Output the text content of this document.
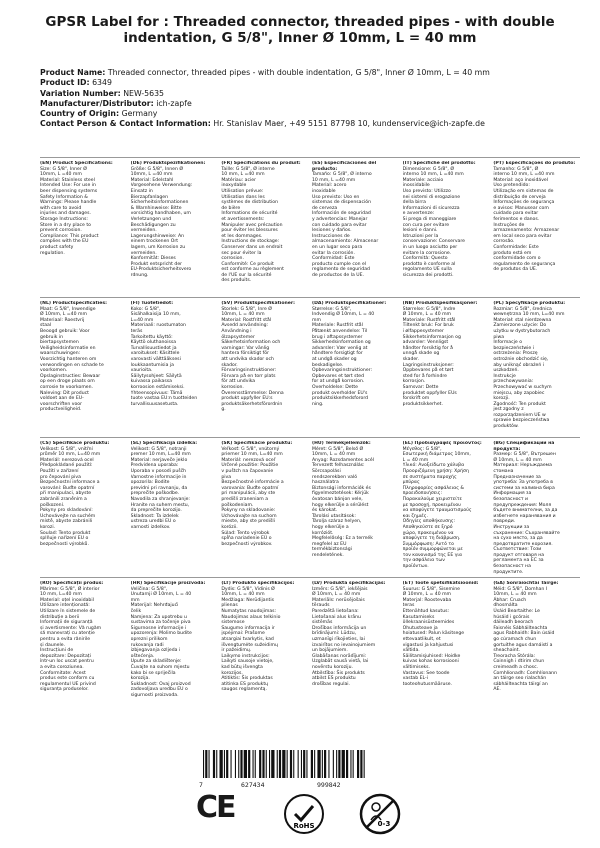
GPSR Label for : Threaded connector, threaded pipes - with double indentation, G 5/8", Inner Ø 10mm, L = 40 mm
Product Name: Threaded connector, threaded pipes - with double indentation, G 5/8", Inner Ø 10mm, L = 40 mm
Product ID: 6349
Variation Number: NEW-5635
Manufacturer/Distributor: ich-zapfe
Country of Origin: Germany
Contact Person & Contact Information: Hr. Stanislav Maer, +49 5151 87798 10, kundenservice@ich-zapfe.de

(EN) Product Specifications:

Size: G 5/8", Inner Ø

10mm, L =40 mm

Material: Stainless steel

Intended Use: For use in

beer dispensing systems

Safety Information &

Warnings: Please handle

with care to avoid

injuries and damages.

Storage Instructions:

Store in a dry place to

prevent corrosion.

Compliance: This product

complies with the EU

product safety

regulation.

(DE) Produktspezifikationen:

Größe: G 5/8", Innen Ø

10mm, L =40 mm

Material: Edelstahl

Vorgesehene Verwendung:

Einsatz in

Bierzapfanlagen

Sicherheitsinformationen

& Warnhinweise: Bitte

vorsichtig handhaben, um

Verletzungen und

Beschädigungen zu

vermeiden.

Lagerungshinweise: An

einem trockenen Ort

lagern, um Korrosion zu

vermeiden.

Konformität: Dieses

Produkt entspricht der

EU-Produktsicherheitsvero

rdnung.

(FR) Spécifications du produit:

Taille: G 5/8", Ø interne

10 mm, L =40 mm

Matériau: acier

inoxydable

Utilisation prévue:

Utilisation dans les

systèmes de distribution

de bière

Informations de sécurité

et avertissements:

Manipuler avec précaution

pour éviter les blessures

et les dommages.

Instructions de stockage:

Conserver dans un endroit

sec pour éviter la

corrosion.

Conformité: Ce produit

est conforme au règlement

de l'UE sur la sécurité

des produits.

(ES) Especificaciones del producto:

Tamaño: G 5/8", Ø interno

10 mm, L =40 mm

Material: acero

inoxidable

Uso previsto: Uso en

sistemas de dispensación

de cerveza

Información de seguridad

y advertencias: Manejar

con cuidado para evitar

lesiones y daños.

Instrucciones de

almacenamiento: Almacenar

en un lugar seco para

evitar la corrosión.

Conformidad: Este

producto cumple con el

reglamento de seguridad

de productos de la UE.

(IT) Specifiche del prodotto:

Dimensione: G 5/8", Ø

interno 10 mm, L =40 mm

Materiale: acciaio

inossidabile

Uso previsto: Utilizzo

nei sistemi di erogazione

della birra

Informazioni di sicurezza

e avvertenze:

Si prega di maneggiare

con cura per evitare

lesioni e danni.

Istruzioni per la

conservazione: Conservare

in un luogo asciutto per

evitare la corrosione.

Conformità: Questo

prodotto è conforme al

regolamento UE sulla

sicurezza dei prodotti.

(PT) Especificações do produto:

Tamanho: G 5/8", Ø

interno 10 mm, L =40 mm

Material: aço inoxidável

Uso pretendido:

Utilização em sistemas de

distribuição de cerveja

Informações de segurança

e avisos: Manusear com

cuidado para evitar

ferimentos e danos.

Instruções de

armazenamento: Armazenar

em local seco para evitar

corrosão.

Conformidade: Este

produto está em

conformidade com o

regulamento de segurança

de produtos da UE.

(NL) Productspecificaties:

Maat: G 5/8", Inwendige

Ø 10mm, L =40 mm

Materiaal: Roestvrij

staal

Beoogd gebruik: Voor

gebruik in

biertapsystemen

Veiligheidsinformatie en

waarschuwingen:

Voorzichtig hanteren om

verwondingen en schade te

voorkomen.

Opslaginstructies: Bewaar

op een droge plaats om

corrosie te voorkomen.

Naleving: Dit product

voldoet aan de EU-

voorschriften voor

productveiligheid.

(FI) Tuotetiedot:

Koko: G 5/8",

Sisähalkaisija 10 mm,

L=40 mm

Materiaali: ruostumaton

teräs

Tarkoitettu käyttö:

Käyttö oluthanoissa

Turvallisuustiedot ja

varoitukset: Käsittele

varovasti välttääksesi

loukkaantumisia ja

vaurioita.

Säilytysohjeet: Säilytä

kuivassa paikassa

korroosion estämiseksi.

Yhteensopivuus: Tämä

tuote vastaa EU:n tuotteiden

turvallisuusasetusta.

(SV) Produktspecifikationer:

Storlek: G 5/8", Inre Ø

10mm, L = 40 mm

Material: Rostfritt stål

Avsedd användning:

Användning i

ölzapsystemer

Säkerhetsinformation och

varningar: Var vänlig

hantera försiktigt för

att undvika skador och

skador.

Förvaringsinstruktioner:

Förvara på en torr plats

för att undvika

korrosion.

Överensstämmelse: Denna

produkt uppfyller EU:s

produktsäkerhetsförordnin

g.

(DA) Produktspecifikationer:

Størrelse: G 5/8",

Indvendig Ø 10mm, L = 40

mm

Materiale: Rustfrit stål

Påtænkt anvendelse: Til

brug i aftapssystemer

Sikkerhedsinformation og

advarsler: Vær venlig at

håndtere forsigtigt for

at undgå skader og

beskadigelse.

Opbevaringsinstruktioner:

Opbevares et tørt sted

for at undgå korrosion.

Overholdelse: Dette

produkt overholder EU's

produktsikkerhedsforord

ning.

(NB) Produktspesifikasjoner:

Størrelse: G 5/8", Indre

Ø 10mm, L = 40 mm

Materiale: Rustfritt stål

Tiltenkt bruk: For bruk

i ølfappesystemer

Sikkerhetsinformasjon og

advarsler: Vennligst

håndter forsiktig for å

unngå skade og

skader.

Lagringsinstruksjoner:

Oppbevares på et tørt

sted for å forhindre

korrosjon.

Samsvar: Dette

produktet oppfyller EUs

forskrift om

produktsikkerhet.

(PL) Specyfikacje produktu:

Rozmiar: G 5/8", średnica

wewnętrzna 10 mm, L=40 mm

Materiał: stal nierdzewna

Zamierzone użycie: Do

użytku w dystrybutorach

piwa

Informacje o

bezpieczeństwie i

ostrzeżenia: Proszę

ostrożnie obchodzić się,

aby uniknąć obrażeń i

uszkodzeń.

Instrukcje

przechowywania:

Przechowywać w suchym

miejscu, aby zapobiec

korozji.

Zgodność: Ten produkt

jest zgodny z

rozporządzeniem UE w

sprawie bezpieczeństwa

produktów.

(CS) Specifikace produktu:

Velikost: G 5/8", vnitřní

průměr 10 mm, L=40 mm

Materiál: nerezová ocel

Předpokládané použití:

Použití v zařízení

pro čepování piva

Bezpečnostní informace a

varování: Buďte opatrní

při manipulaci, abyste

zabránili zraněním a

poškození.

Pokyny pro skladování:

Uchovávejte na suchém

místě, abyste zabránili

korozi.

Soulad: Tento produkt

splňuje nařízení EU o

bezpečnosti výrobků.

(SL) Specifikacija izdelka:

Velikost: G 5/8", notranji

premer 10 mm, L=40 mm

Material: nerjaveče jeklo

Predvidena uporaba:

Uporaba v posodi puščh

Varnostne informacije in

opozorila: Bodite

previdni pri ravnanju, da

preprečite poškodbe.

Navodila za shranjevanje:

Hranite na suhem mestu,

da preprečite korozijo.

Skladnost: Ta izdelek

ustreza uredbi EU o

varnosti izdelkov.

(SK) Špecifikácie produktu:

Veľkosť: G 5/8", vnútorný

priemer 10 mm, L=40 mm

Materiál: nerezová oceľ

Určené použitie: Použitie

v puštch na čapovanie

piva

Bezpečnostné informácie a

varovania: Buďte opatrní

pri manipulácii, aby ste

predišli zraneniam a

poškodeniam.

Pokyny na skladovanie:

Uchovávajte na suchom

mieste, aby ste predišli

korózii.

Súlad: Tento výrobok

spĺňa nariadenie EÚ o

bezpečnosti výrobkov.

(HU) Termékjellemzők:

Méret: G 5/8", Belső Ø

10mm, L = 40 mm

Anyag: Rozsdamentes acél

Tervezett felhasználás:

Sörcsapolási

rendszerekben való

használatra

Biztonsági információk és

figyelmeztetések: Kérjük

óvatosan bánjon vele,

hogy elkerülje a sérülést

és károkat.

Tárolási utasítások:

Tárolja száraz helyen,

hogy elkerülje a

korróziót.

Megfelelőség: Ez a termék

megfelel az EU

termékbiztonsági

rendeletének.

(EL) Προδιαγραφές προϊόντος:

Μέγεθος: G 5/8",

Εσωτερική διάμετρος 10mm,

L = 40 mm

Υλικό: Ανοξείδωτο χάλυβα

Προοριζόμενη χρήση: Χρήση

σε συστήματα παροχής

μπύρας

Πληροφορίες ασφάλειας &

προειδοποιήσεις:

Παρακαλούμε χειριστείτε

με προσοχή, προκειμένου

να αποφύγετε τραυματισμούς

και ζημιές.

Οδηγίες αποθήκευσης:

Αποθηκεύστε σε ξηρό

χώρο, προκειμένου να

αποφύγετε τη διάβρωση.

Συμμόρφωση: Αυτό το

προϊόν συμμορφώνεται με

τον κανονισμό της ΕΕ για

την ασφάλεια των

προϊόντων.

(BG) Спецификации на продукта:

Размер: G 5/8", Вътрешен

Ø 10mm, L = 40 mm

Материал: Неръждаема

стомана

Предназначение за

употреба: За употреба в

системи за наливна бира

Информация за

безопасност и

предупреждения: Моля

бъдете внимателни, за да

избегнете наранявания и

повреди.

Инструкции за

съхранение: Съхранявайте

на сухо място, за да

предотвратите корозия.

Съответствие: Този

продукт отговаря на

регламента на ЕС за

безопасност на

продуктите.

(RO) Specificații produs:

Mărime: G 5/8", Ø interior

10 mm, L=40 mm

Material: oțel inoxidabil

Utilizare intenționată:

Utilizare în sistemele de

distribuție a berii

Informații de siguranță

și avertismente: Vă rugăm

să manevrați cu atenție

pentru a evita rănirile

și daunele.

Instrucțiuni de

depozitare: Depozitați

într-un loc uscat pentru

a evita coroziunea.

Conformitate: Acest

produs este conform cu

regulamentul UE privind

siguranța produselor.

(HR) Specifikacije proizvoda:

Veličina: G 5/8",

Unutarnji Ø 10mm, L = 40

mm

Materijal: Nehrđajući

čelik

Namjena: Za upotrebu u

sustavima za točenje piva

Sigurnosne informacije i

upozorenja: Molimo budite

oprezni prilikom

rukovanja radi

izbjegavanja ozljeda i

oštećenja.

Upute za skladištenje:

Čuvajte na suhom mjestu

kako bi se spriječila

korozija.

Sukladnost: Ovaj proizvod

zadovoljava uredbu EU o

sigurnosti proizvoda.

(LT) Produkto specifikacijos:

Dydis: G 5/8", Vidinis Ø

10mm, L = 40 mm

Medžiaga: Nerūdijantis

plienas

Numatytas naudojimas:

Naudojimas alaus telkinio

sistemose

Saugumo informacija ir

įspėjimai: Prašome

atsargiai tvarkytis, kad

išvengtumėte sužeidimų

ir pažeidimų.

Laikymo instrukcijos:

Laikyti sausoje vietoje,

kad būtų išvengta

korozijos.

Atitiktis: Šis produktas

atitinka ES produktų

saugos reglamentą.

(LV) Produkta specifikācijas:

Izmērs: G 5/8", iekšējais

Ø 10mm, L = 40 mm

Materiāls: nerūsējošais

tērauds

Paredzētā lietošana:

Lietošanai alus krānu

sistēmās

Drošības informācija un

brīdinājumi: Lūdzu,

uzmanīgi rīkojieties, lai

izvairītos no ievainojumiem

un bojājumiem.

Glabāšanas norādījumi:

Uzglabāt sausā vietā, lai

novērstu koroziju.

Atbilstība: Šis produkts

atbilst ES produktu

drošības regulai.

(ET) Toote spetsifikatsioonid:

Suurus: G 5/8", Sisemine

Ø 10mm, L = 40 mm

Materjal: Roostevaba

teras

Ettenähtud kasutus:

Kasutamiseks

õllekraanisüsteemides

Ohutusteave ja

hoiatused: Palun käsitsege

ettevaatlikult, et

vigastusi ja kahjustusi

vältida.

Säilitamisjuhised: Hoidke

kuivas kohas korrosiooni

vältimiseks.

Vastavus: See toode

vastab EL-i

tooteohutusmääruse.

(GA) Sonraíochtaí Táirge:

Méid: G 5/8", Domhan I

10mm, L = 40 mm

Ábhar: Cruach

dhosmálta

Úsáid Beartaithe: Le

húsáid i gcórais

dáileadh beorach

Faisnéis Sábháilteachta

agus Rabhaidh: Bain úsáid

go cúramach chun

gortuithe agus damáistí a

sheachaint.

Treoracha Stórála:

Coinnigh i dtirim chun

creimeadh a chosc.

Comhlíonadh: Comhlíonann

an táirge seo rialachán

sábháilteachta táirgí an

AE.

7	627434	999842
CE
RoHS	0-3
